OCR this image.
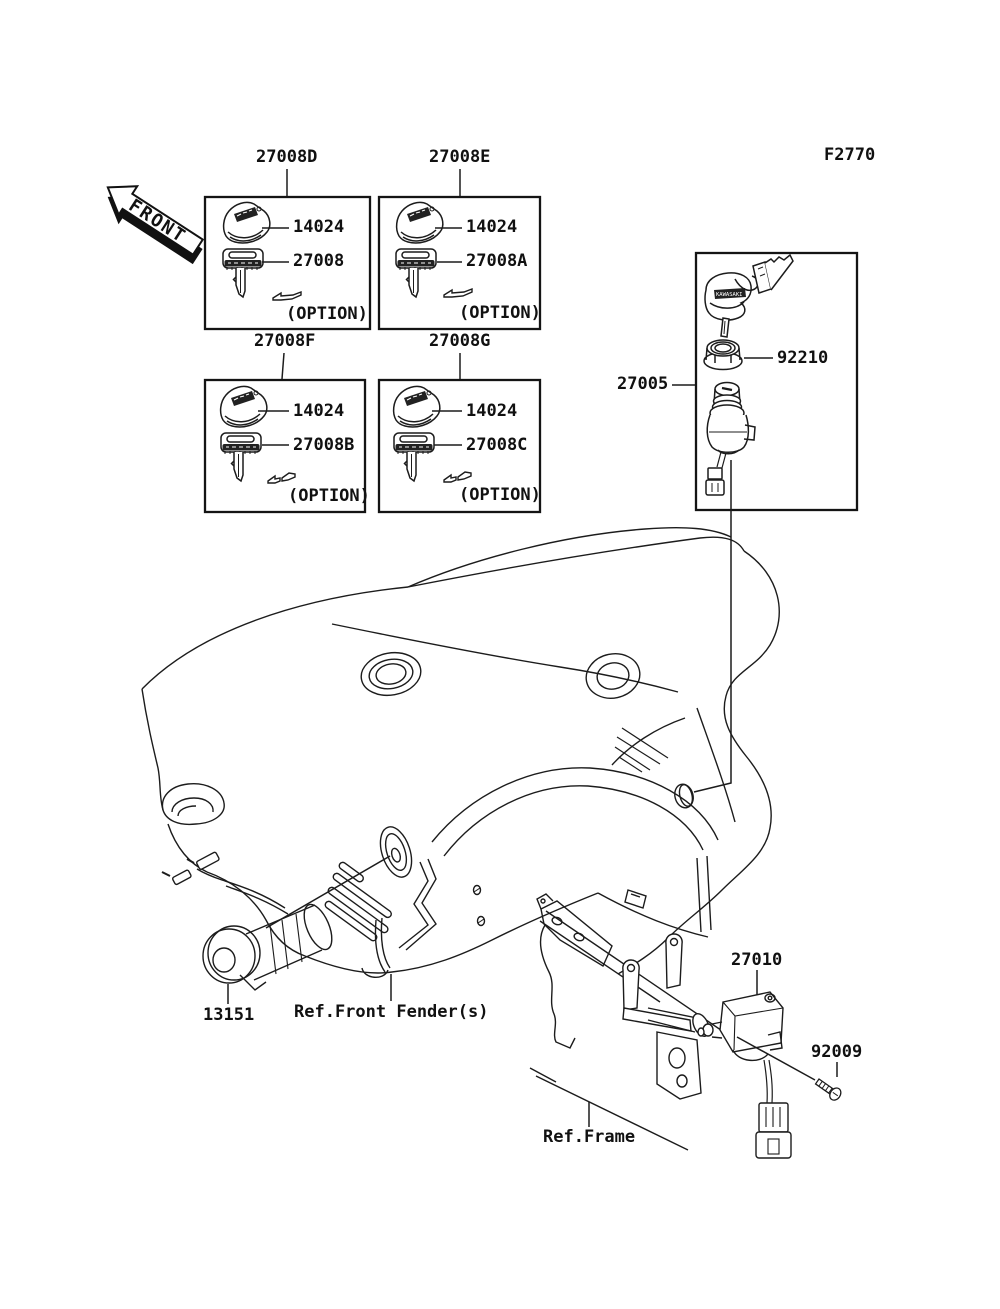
KAWASAKI
FRONT
F2770
27008D	27008E
27008F	27008G
14024	14024
14024	14024
27008	27008A
27008B	27008C
(OPTION)	(OPTION)
(OPTION)	(OPTION)
27005
92210
13151 Ref.Front Fender(s)
27010
92009
Ref.Frame
